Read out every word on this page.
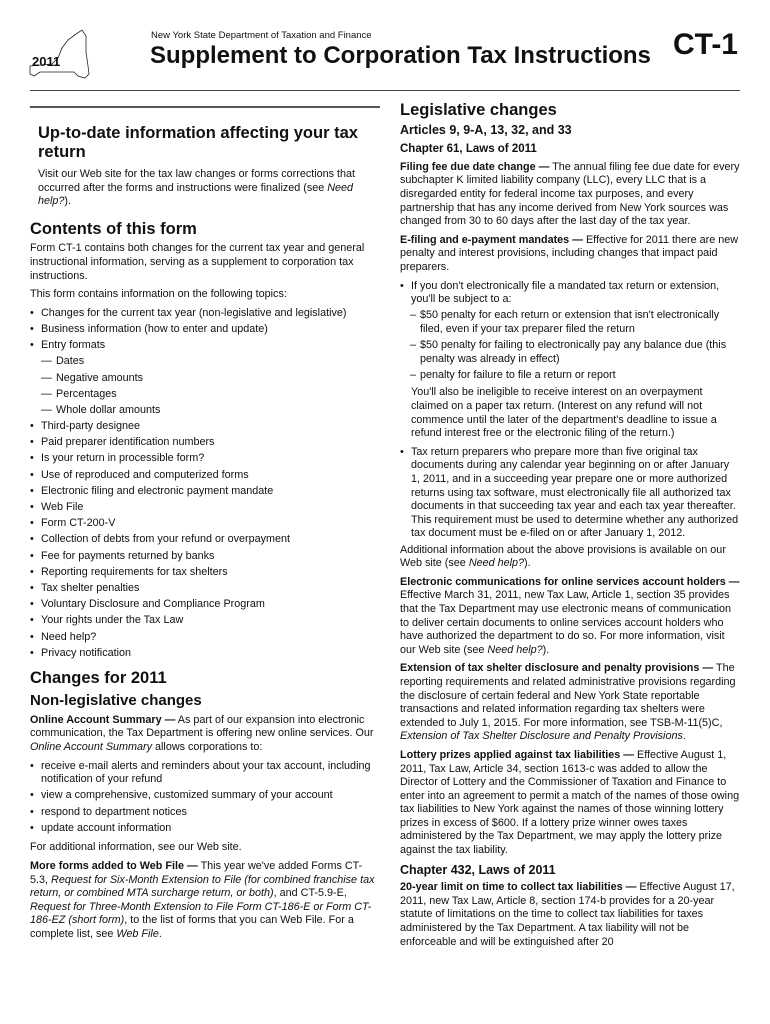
2011
New York State Department of Taxation and Finance
Supplement to Corporation Tax Instructions CT-1
Up-to-date information affecting your tax return

Visit our Web site for the tax law changes or forms corrections that occurred after the forms and instructions were finalized (see Need help?).

Contents of this form

Form CT-1 contains both changes for the current tax year and general instructional information, serving as a supplement to corporation tax instructions.

This form contains information on the following topics:

• Changes for the current tax year (non-legislative and legislative)
• Business information (how to enter and update)
• Entry formats
— Dates
— Negative amounts
— Percentages
— Whole dollar amounts
• Third-party designee
• Paid preparer identification numbers
• Is your return in processible form?
• Use of reproduced and computerized forms
• Electronic filing and electronic payment mandate
• Web File
• Form CT-200-V
• Collection of debts from your refund or overpayment
• Fee for payments returned by banks
• Reporting requirements for tax shelters
• Tax shelter penalties
• Voluntary Disclosure and Compliance Program
• Your rights under the Tax Law
• Need help?
• Privacy notification
Changes for 2011
Non-legislative changes

Online Account Summary — As part of our expansion into electronic communication, the Tax Department is offering new online services. Our Online Account Summary allows corporations to:

• receive e-mail alerts and reminders about your tax account, including notification of your refund
• view a comprehensive, customized summary of your account
• respond to department notices
• update account information

For additional information, see our Web site.

More forms added to Web File — This year we've added Forms CT-5.3, Request for Six-Month Extension to File (for combined franchise tax return, or combined MTA surcharge return, or both), and CT-5.9-E, Request for Three-Month Extension to File Form CT-186-E or Form CT-186-EZ (short form), to the list of forms that you can Web File. For a complete list, see Web File.

Legislative changes
Articles 9, 9-A, 13, 32, and 33
Chapter 61, Laws of 2011

Filing fee due date change — The annual filing fee due date for every subchapter K limited liability company (LLC), every LLC that is a disregarded entity for federal income tax purposes, and every partnership that has any income derived from New York sources was changed from 30 to 60 days after the last day of the tax year.

E-filing and e-payment mandates — Effective for 2011 there are new penalty and interest provisions, including changes that impact paid preparers.

• If you don't electronically file a mandated tax return or extension, you'll be subject to a:
– $50 penalty for each return or extension that isn't electronically filed, even if your tax preparer filed the return
– $50 penalty for failing to electronically pay any balance due (this penalty was already in effect)
– penalty for failure to file a return or report

You'll also be ineligible to receive interest on an overpayment claimed on a paper tax return. (Interest on any refund will not commence until the later of the department's deadline to issue a refund interest free or the electronic filing of the return.)

• Tax return preparers who prepare more than five original tax documents during any calendar year beginning on or after January 1, 2011, and in a succeeding year prepare one or more authorized returns using tax software, must electronically file all authorized tax documents in that succeeding tax year and each tax year thereafter. This requirement must be used to determine whether any authorized tax document must be e-filed on or after January 1, 2012.

Additional information about the above provisions is available on our Web site (see Need help?).

Electronic communications for online services account holders — Effective March 31, 2011, new Tax Law, Article 1, section 35 provides that the Tax Department may use electronic means of communication to deliver certain documents to online services account holders who have authorized the department to do so. For more information, visit our Web site (see Need help?).

Extension of tax shelter disclosure and penalty provisions — The reporting requirements and related administrative provisions regarding the disclosure of certain federal and New York State reportable transactions and related information regarding tax shelters were extended to July 1, 2015. For more information, see TSB-M-11(5)C, Extension of Tax Shelter Disclosure and Penalty Provisions.

Lottery prizes applied against tax liabilities — Effective August 1, 2011, Tax Law, Article 34, section 1613-c was added to allow the Director of Lottery and the Commissioner of Taxation and Finance to enter into an agreement to permit a match of the names of those owing tax liabilities to New York against the names of those winning lottery prizes in excess of $600. If a lottery prize winner owes taxes administered by the Tax Department, we may apply the lottery prize against the tax liability.

Chapter 432, Laws of 2011

20-year limit on time to collect tax liabilities — Effective August 17, 2011, new Tax Law, Article 8, section 174-b provides for a 20-year statute of limitations on the time to collect tax liabilities for taxes administered by the Tax Department. A tax liability will not be enforceable and will be extinguished after 20
